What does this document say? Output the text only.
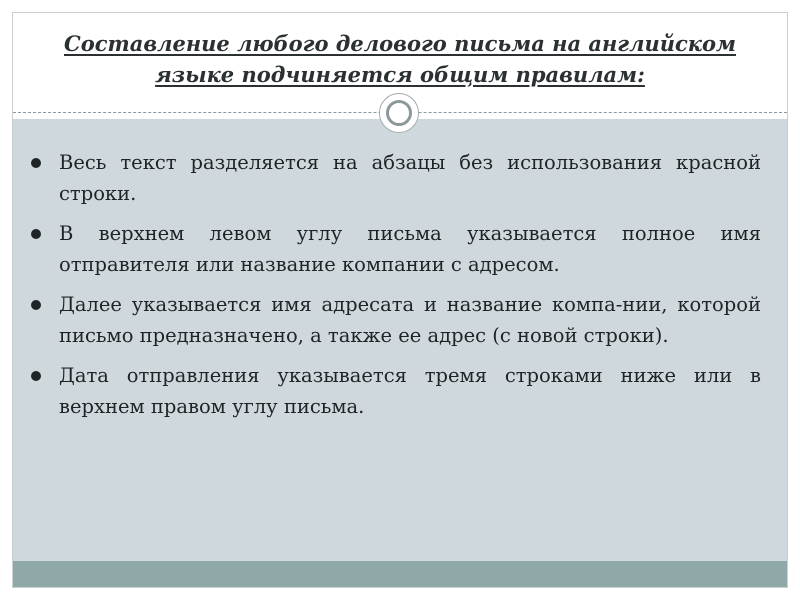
Составление любого делового письма на английском языке подчиняется общим правилам:
Весь текст разделяется на абзацы без использования красной строки.
В верхнем левом углу письма указывается полное имя отправителя или название компании с адресом.
Далее указывается имя адресата и название компа-нии, которой письмо предназначено, а также ее адрес (с новой строки).
Дата отправления указывается тремя строками ниже или в верхнем правом углу письма.
